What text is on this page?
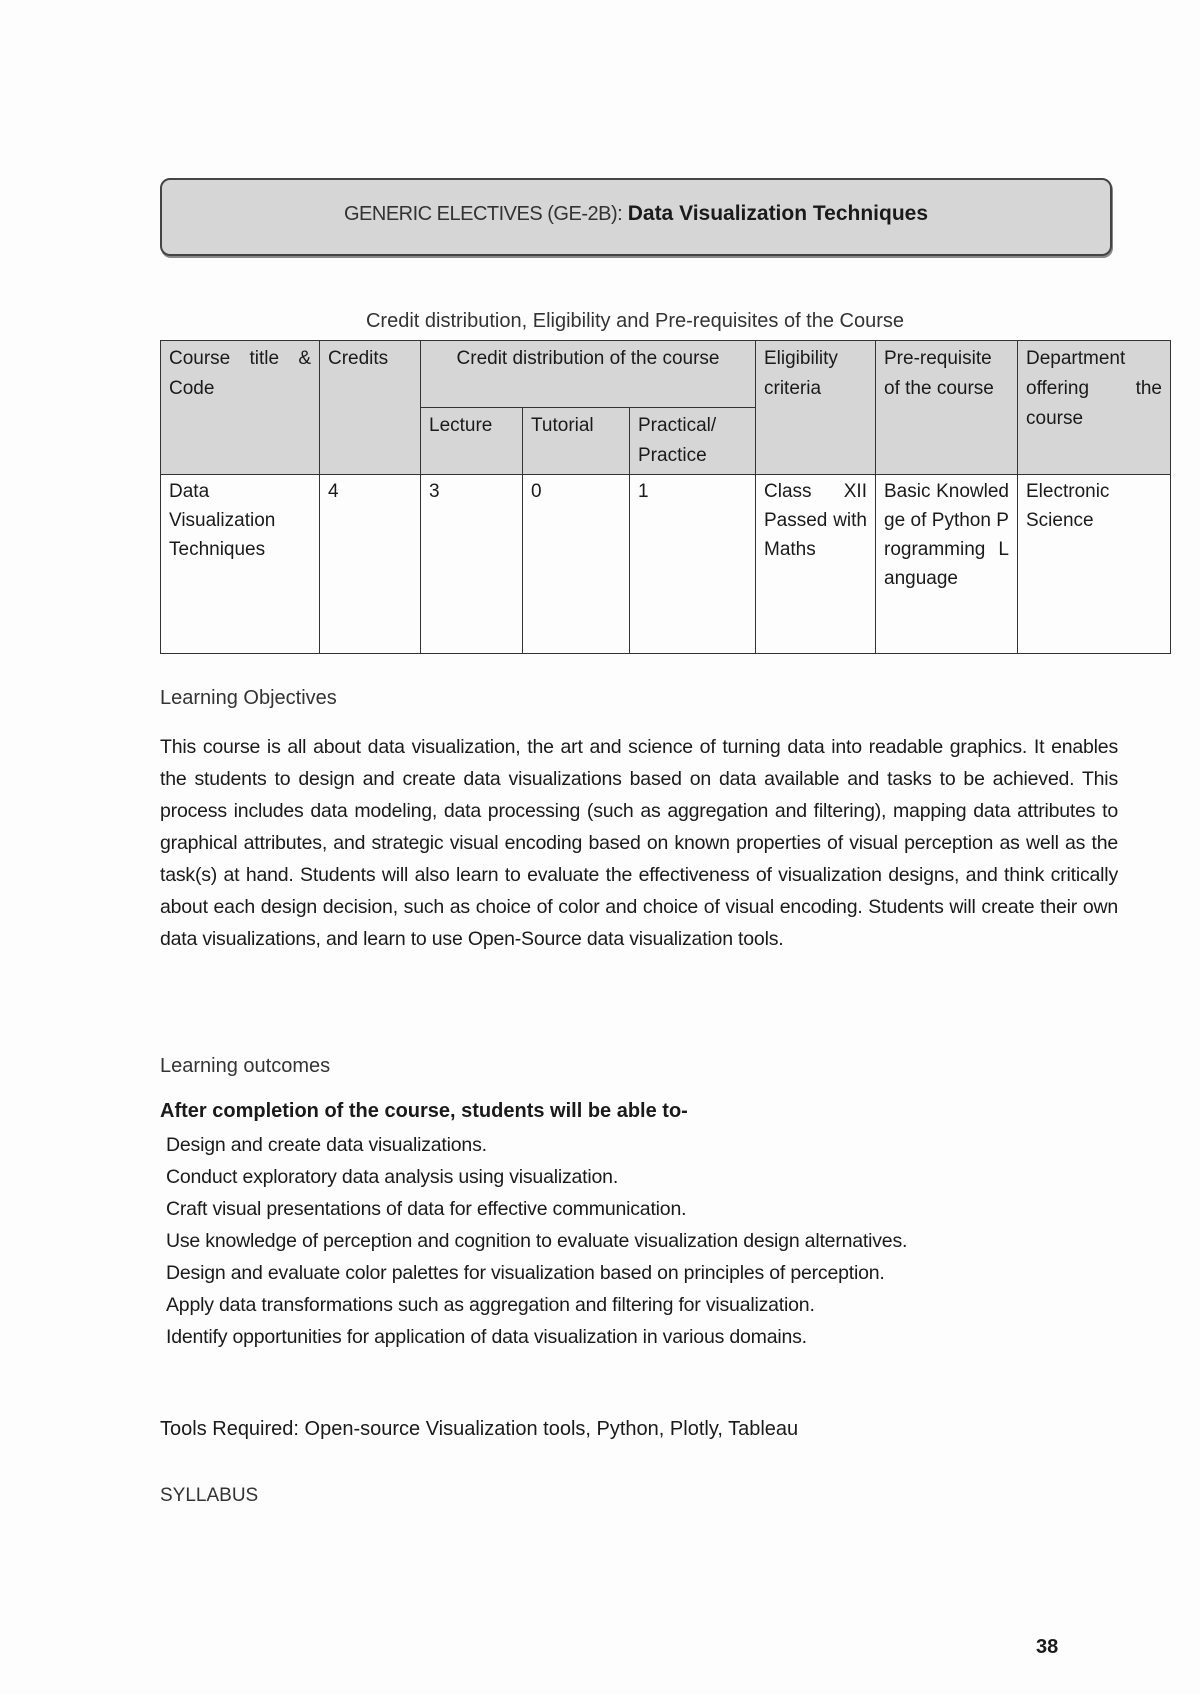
GENERIC ELECTIVES (GE-2B): Data Visualization Techniques
Credit distribution, Eligibility and Pre-requisites of the Course
Course title & Code	Credits	Credit distribution of the course			Eligibility criteria	Pre-requisite of the course	Department offering the course
		Lecture	Tutorial	Practical/ Practice			
Data Visualization Techniques	4	3	0	1	Class XII Passed with Maths	Basic Knowledge of Python Programming Language	Electronic Science
Learning Objectives
This course is all about data visualization, the art and science of turning data into readable graphics. It enables the students to design and create data visualizations based on data available and tasks to be achieved. This process includes data modeling, data processing (such as aggregation and filtering), mapping data attributes to graphical attributes, and strategic visual encoding based on known properties of visual perception as well as the task(s) at hand. Students will also learn to evaluate the effectiveness of visualization designs, and think critically about each design decision, such as choice of color and choice of visual encoding. Students will create their own data visualizations, and learn to use Open-Source data visualization tools.
Learning outcomes
After completion of the course, students will be able to-
Design and create data visualizations.
Conduct exploratory data analysis using visualization.
Craft visual presentations of data for effective communication.
Use knowledge of perception and cognition to evaluate visualization design alternatives.
Design and evaluate color palettes for visualization based on principles of perception.
Apply data transformations such as aggregation and filtering for visualization.
Identify opportunities for application of data visualization in various domains.
Tools Required: Open-source Visualization tools, Python, Plotly, Tableau
SYLLABUS
38
